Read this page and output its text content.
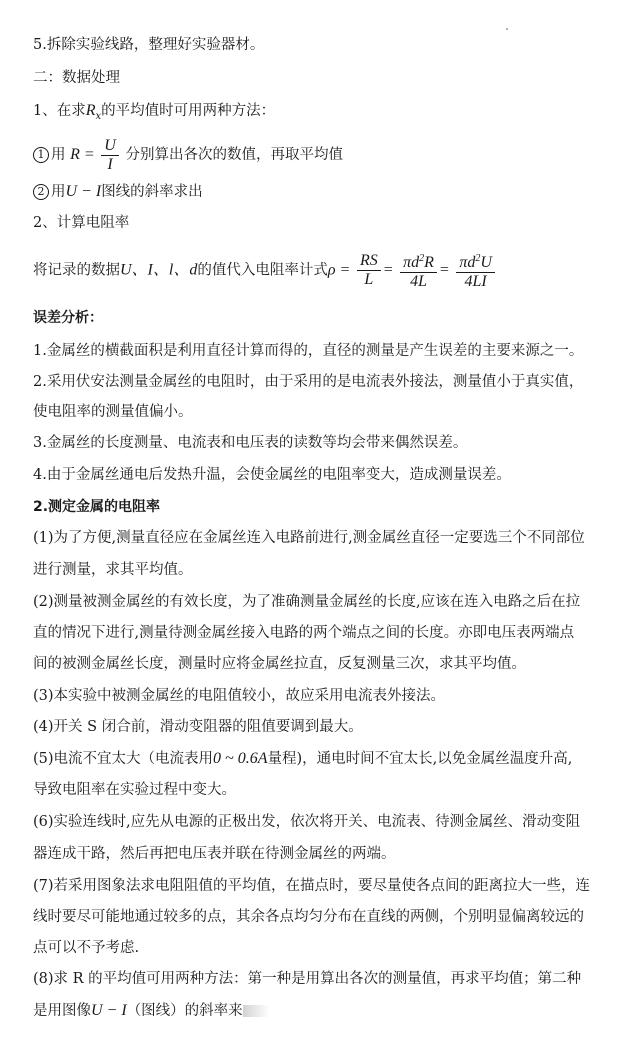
5.拆除实验线路，整理好实验器材。
二：数据处理
1、在求$R_x$的平均值时可用两种方法：
1 用 $R = \frac{U}{I}$ 分别算出各次的数值，再取平均值
2 用U − I图线的斜率求出
2、计算电阻率
将记录的数据U、I、l、d的值代入电阻率计式$\rho = \frac{RS}{L} = \frac{\pi d^2R}{4L} = \frac{\pi d^2U}{4LI}$
误差分析：
1.金属丝的横截面积是利用直径计算而得的，直径的测量是产生误差的主要来源之一。
2.采用伏安法测量金属丝的电阻时，由于采用的是电流表外接法，测量值小于真实值，
使电阻率的测量值偏小。
3.金属丝的长度测量、电流表和电压表的读数等均会带来偶然误差。
4.由于金属丝通电后发热升温，会使金属丝的电阻率变大，造成测量误差。
2.测定金属的电阻率
(1)为了方便,测量直径应在金属丝连入电路前进行,测金属丝直径一定要选三个不同部位
进行测量，求其平均值。
(2)测量被测金属丝的有效长度，为了准确测量金属丝的长度,应该在连入电路之后在拉
直的情况下进行,测量待测金属丝接入电路的两个端点之间的长度。亦即电压表两端点
间的被测金属丝长度，测量时应将金属丝拉直，反复测量三次，求其平均值。
(3)本实验中被测金属丝的电阻值较小，故应采用电流表外接法。
(4)开关 S 闭合前，滑动变阻器的阻值要调到最大。
(5)电流不宜太大（电流表用0 ~ 0.6A量程)，通电时间不宜太长,以免金属丝温度升高,
导致电阻率在实验过程中变大。
(6)实验连线时,应先从电源的正极出发，依次将开关、电流表、待测金属丝、滑动变阻
器连成干路，然后再把电压表并联在待测金属丝的两端。
(7)若采用图象法求电阻阻值的平均值，在描点时，要尽量使各点间的距离拉大一些，连
线时要尽可能地通过较多的点，其余各点均匀分布在直线的两侧，个别明显偏离较远的
点可以不予考虑.
(8)求 R 的平均值可用两种方法：第一种是用算出各次的测量值，再求平均值；第二种
是用图像U − I（图线）的斜率来
